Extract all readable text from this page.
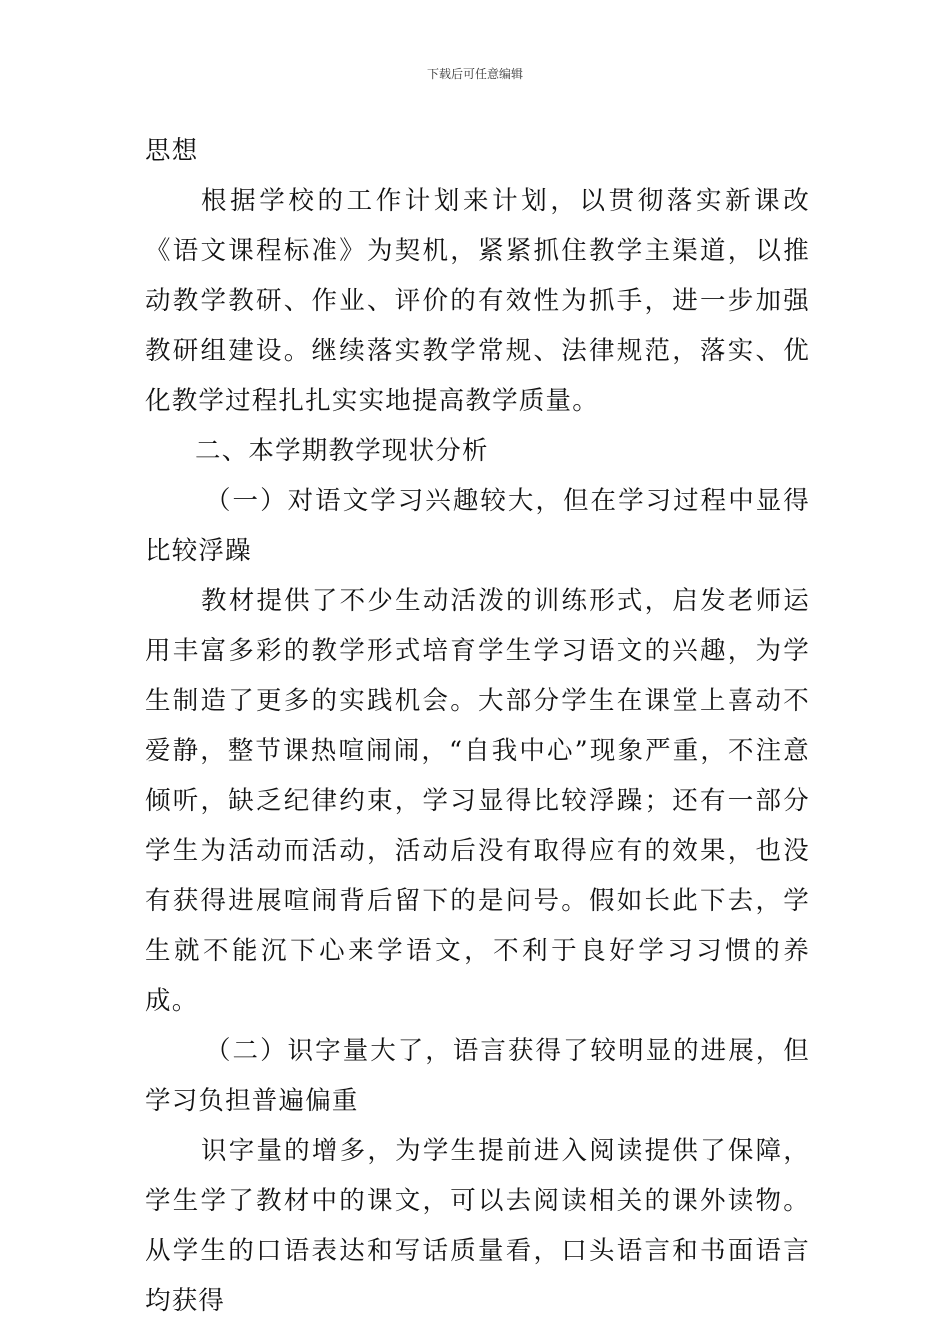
下载后可任意编辑

思想

根据学校的工作计划来计划，以贯彻落实新课改《语文课程标准》为契机，紧紧抓住教学主渠道，以推动教学教研、作业、评价的有效性为抓手，进一步加强教研组建设。继续落实教学常规、法律规范，落实、优化教学过程扎扎实实地提高教学质量。

二、本学期教学现状分析

（一）对语文学习兴趣较大，但在学习过程中显得比较浮躁

教材提供了不少生动活泼的训练形式，启发老师运用丰富多彩的教学形式培育学生学习语文的兴趣，为学生制造了更多的实践机会。大部分学生在课堂上喜动不爱静，整节课热喧闹闹，“自我中心”现象严重，不注意倾听，缺乏纪律约束，学习显得比较浮躁；还有一部分学生为活动而活动，活动后没有取得应有的效果，也没有获得进展喧闹背后留下的是问号。假如长此下去，学生就不能沉下心来学语文，不利于良好学习习惯的养成。

（二）识字量大了，语言获得了较明显的进展，但学习负担普遍偏重

识字量的增多，为学生提前进入阅读提供了保障，学生学了教材中的课文，可以去阅读相关的课外读物。从学生的口语表达和写话质量看，口头语言和书面语言均获得
